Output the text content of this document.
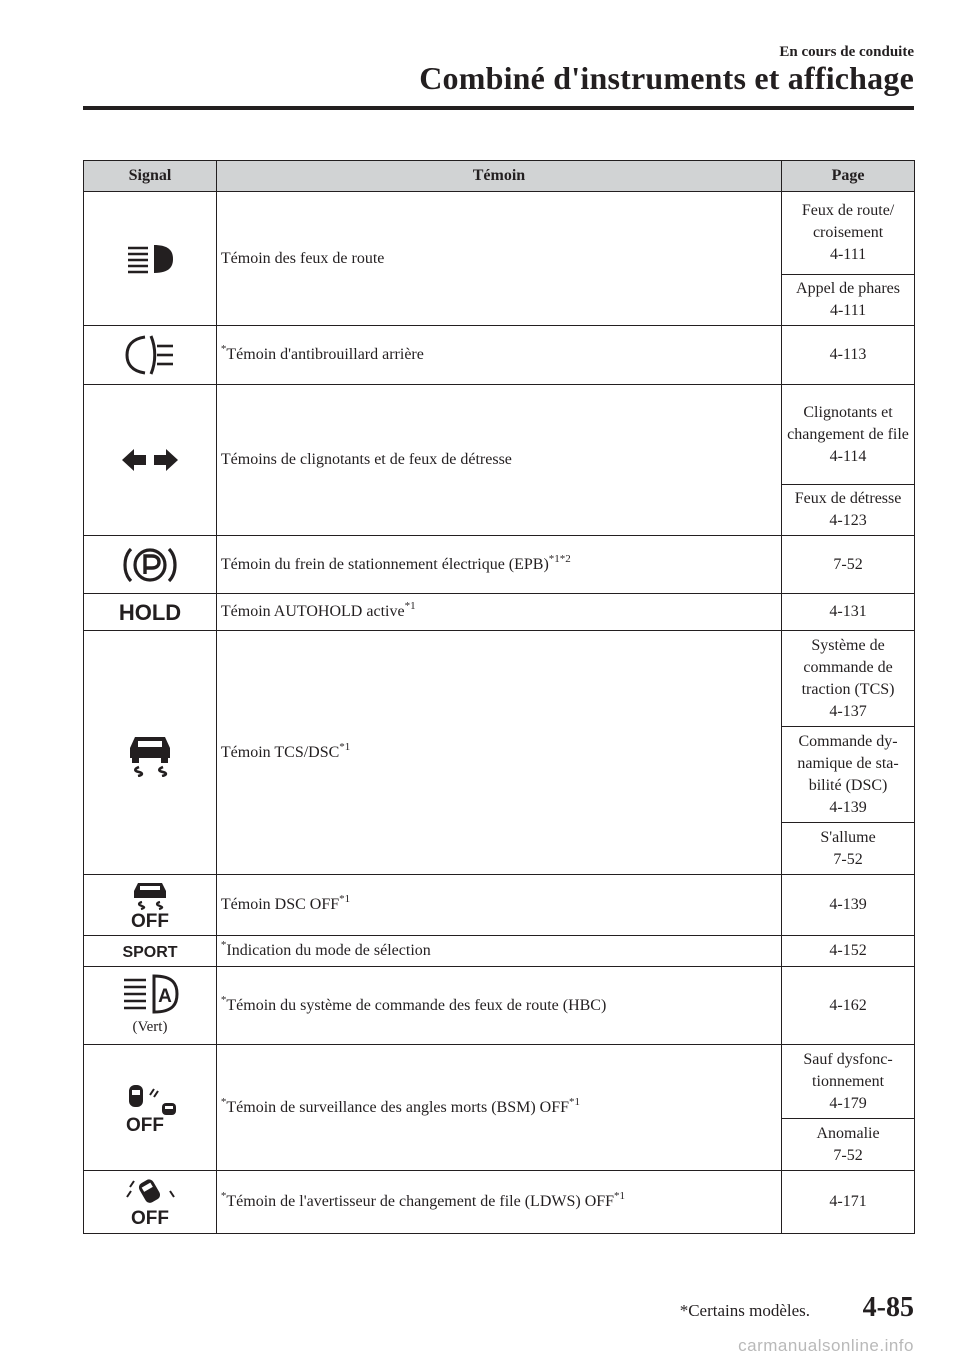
En cours de conduite
Combiné d'instruments et affichage
Signal	Témoin	Page

	Témoin des feux de route	Feux de route/ croisement
4-111

		Appel de phares
4-111

	*Témoin d'antibrouillard arrière	4-113

	Témoins de clignotants et de feux de détresse	Clignotants et changement de file
4-114

		Feux de détresse
4-123

	Témoin du frein de stationnement électrique (EPB)$^{*1*2}$	7-52

HOLD	Témoin AUTOHOLD active$^{*1}$	4-131

	Témoin TCS/DSC$^{*1}$	Système de commande de traction (TCS)
4-137

		Commande dy- namique de sta- bilité (DSC)
4-139

		S'allume
7-52

OFF	Témoin DSC OFF$^{*1}$	4-139

SPORT	*Indication du mode de sélection	4-152

A
(Vert)	*Témoin du système de commande des feux de route (HBC)	4-162

OFF	*Témoin de surveillance des angles morts (BSM) OFF$^{*1}$	Sauf dysfonc- tionnement
4-179

		Anomalie
7-52

OFF	*Témoin de l'avertisseur de changement de file (LDWS) OFF$^{*1}$	4-171
*Certains modèles. 4-85
carmanualsonline.info
